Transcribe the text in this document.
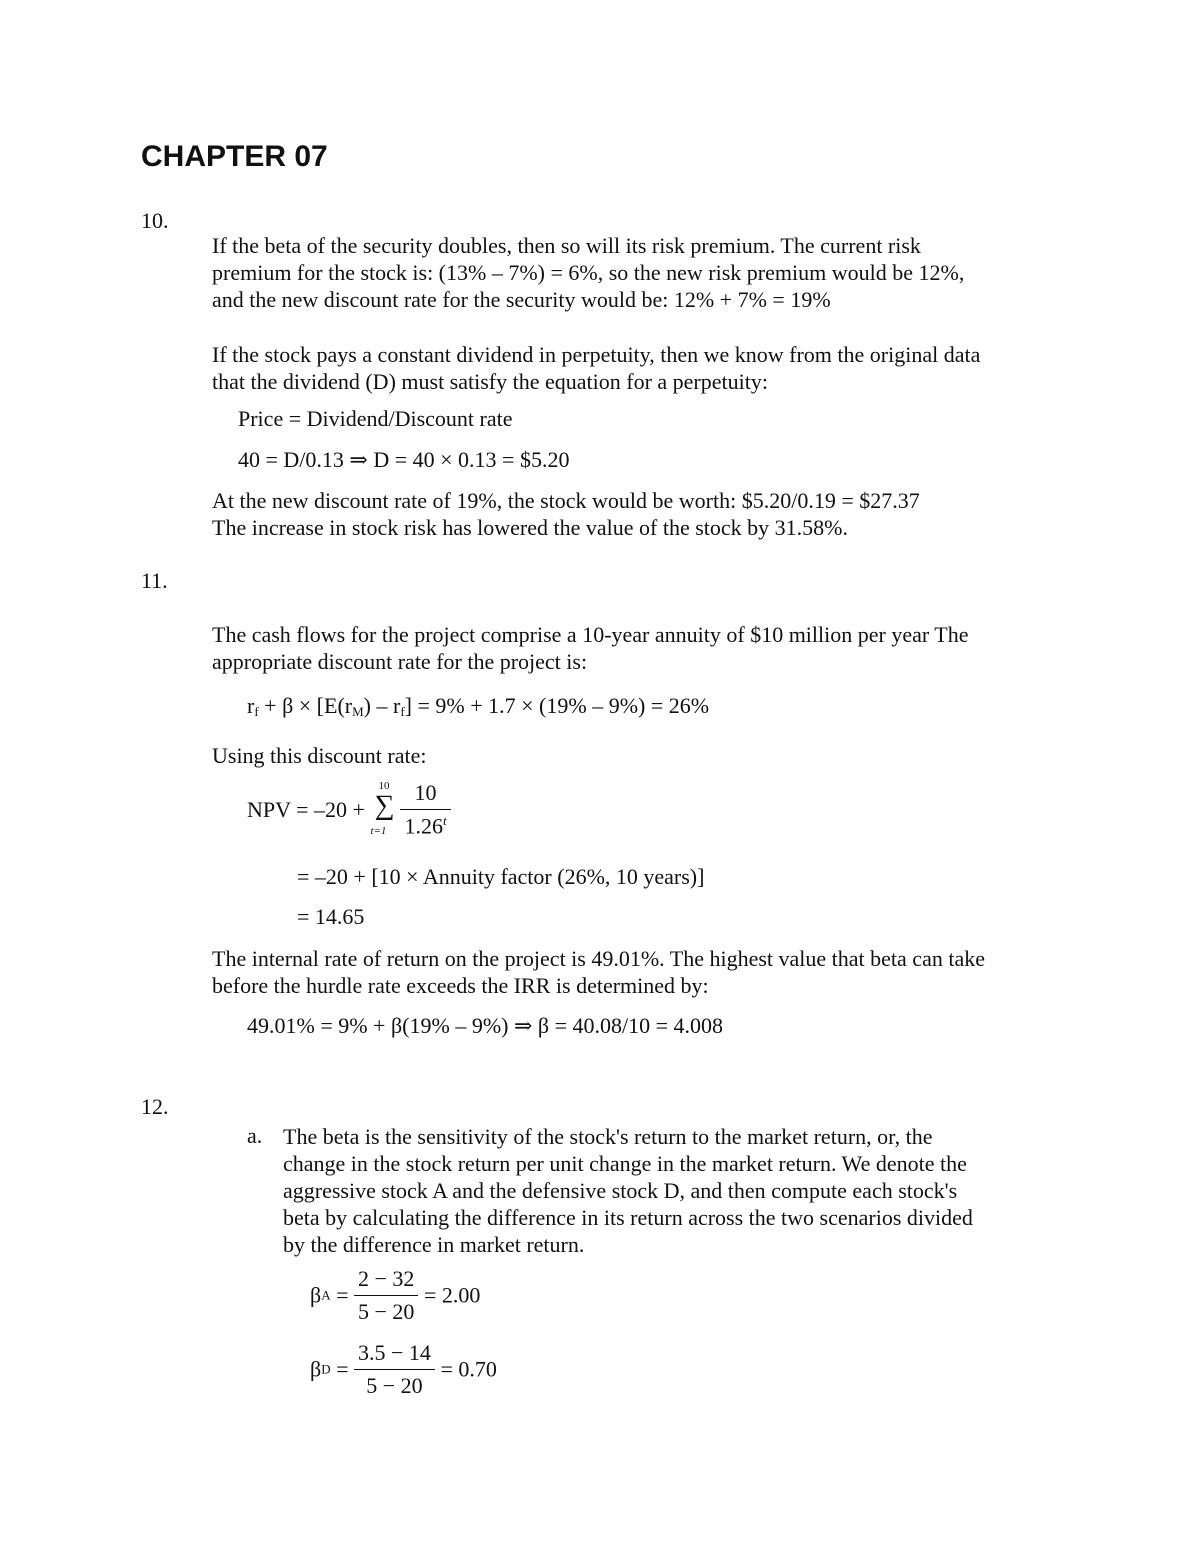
CHAPTER 07
10.
If the beta of the security doubles, then so will its risk premium. The current risk
premium for the stock is: (13% – 7%) = 6%, so the new risk premium would be 12%,
and the new discount rate for the security would be: 12% + 7% = 19%
If the stock pays a constant dividend in perpetuity, then we know from the original data
that the dividend (D) must satisfy the equation for a perpetuity:
Price = Dividend/Discount rate
40 = D/0.13 ⇒ D = 40 × 0.13 = $5.20
At the new discount rate of 19%, the stock would be worth: $5.20/0.19 = $27.37
The increase in stock risk has lowered the value of the stock by 31.58%.
11.
The cash flows for the project comprise a 10-year annuity of $10 million per year The
appropriate discount rate for the project is:
$r_f + \beta \times [E(r_M) - r_f] = 9\% + 1.7 \times (19\% - 9\%) = 26\%$
Using this discount rate:
NPV = –20 +
10
∑
$t=1 \frac{10}{1.26^t}$
= –20 + [10 × Annuity factor (26%, 10 years)]
= 14.65
The internal rate of return on the project is 49.01%. The highest value that beta can take
before the hurdle rate exceeds the IRR is determined by:
49.01% = 9% + β(19% – 9%) ⇒ β = 40.08/10 = 4.008
12.
a. The beta is the sensitivity of the stock's return to the market return, or, the
change in the stock return per unit change in the market return. We denote the
aggressive stock A and the defensive stock D, and then compute each stock's
beta by calculating the difference in its return across the two scenarios divided
by the difference in market return.
$\beta A = \frac{2 - 32}{5 - 20} = 2.00$
$\beta D = \frac{3.5 - 14}{5 - 20} = 0.70$
